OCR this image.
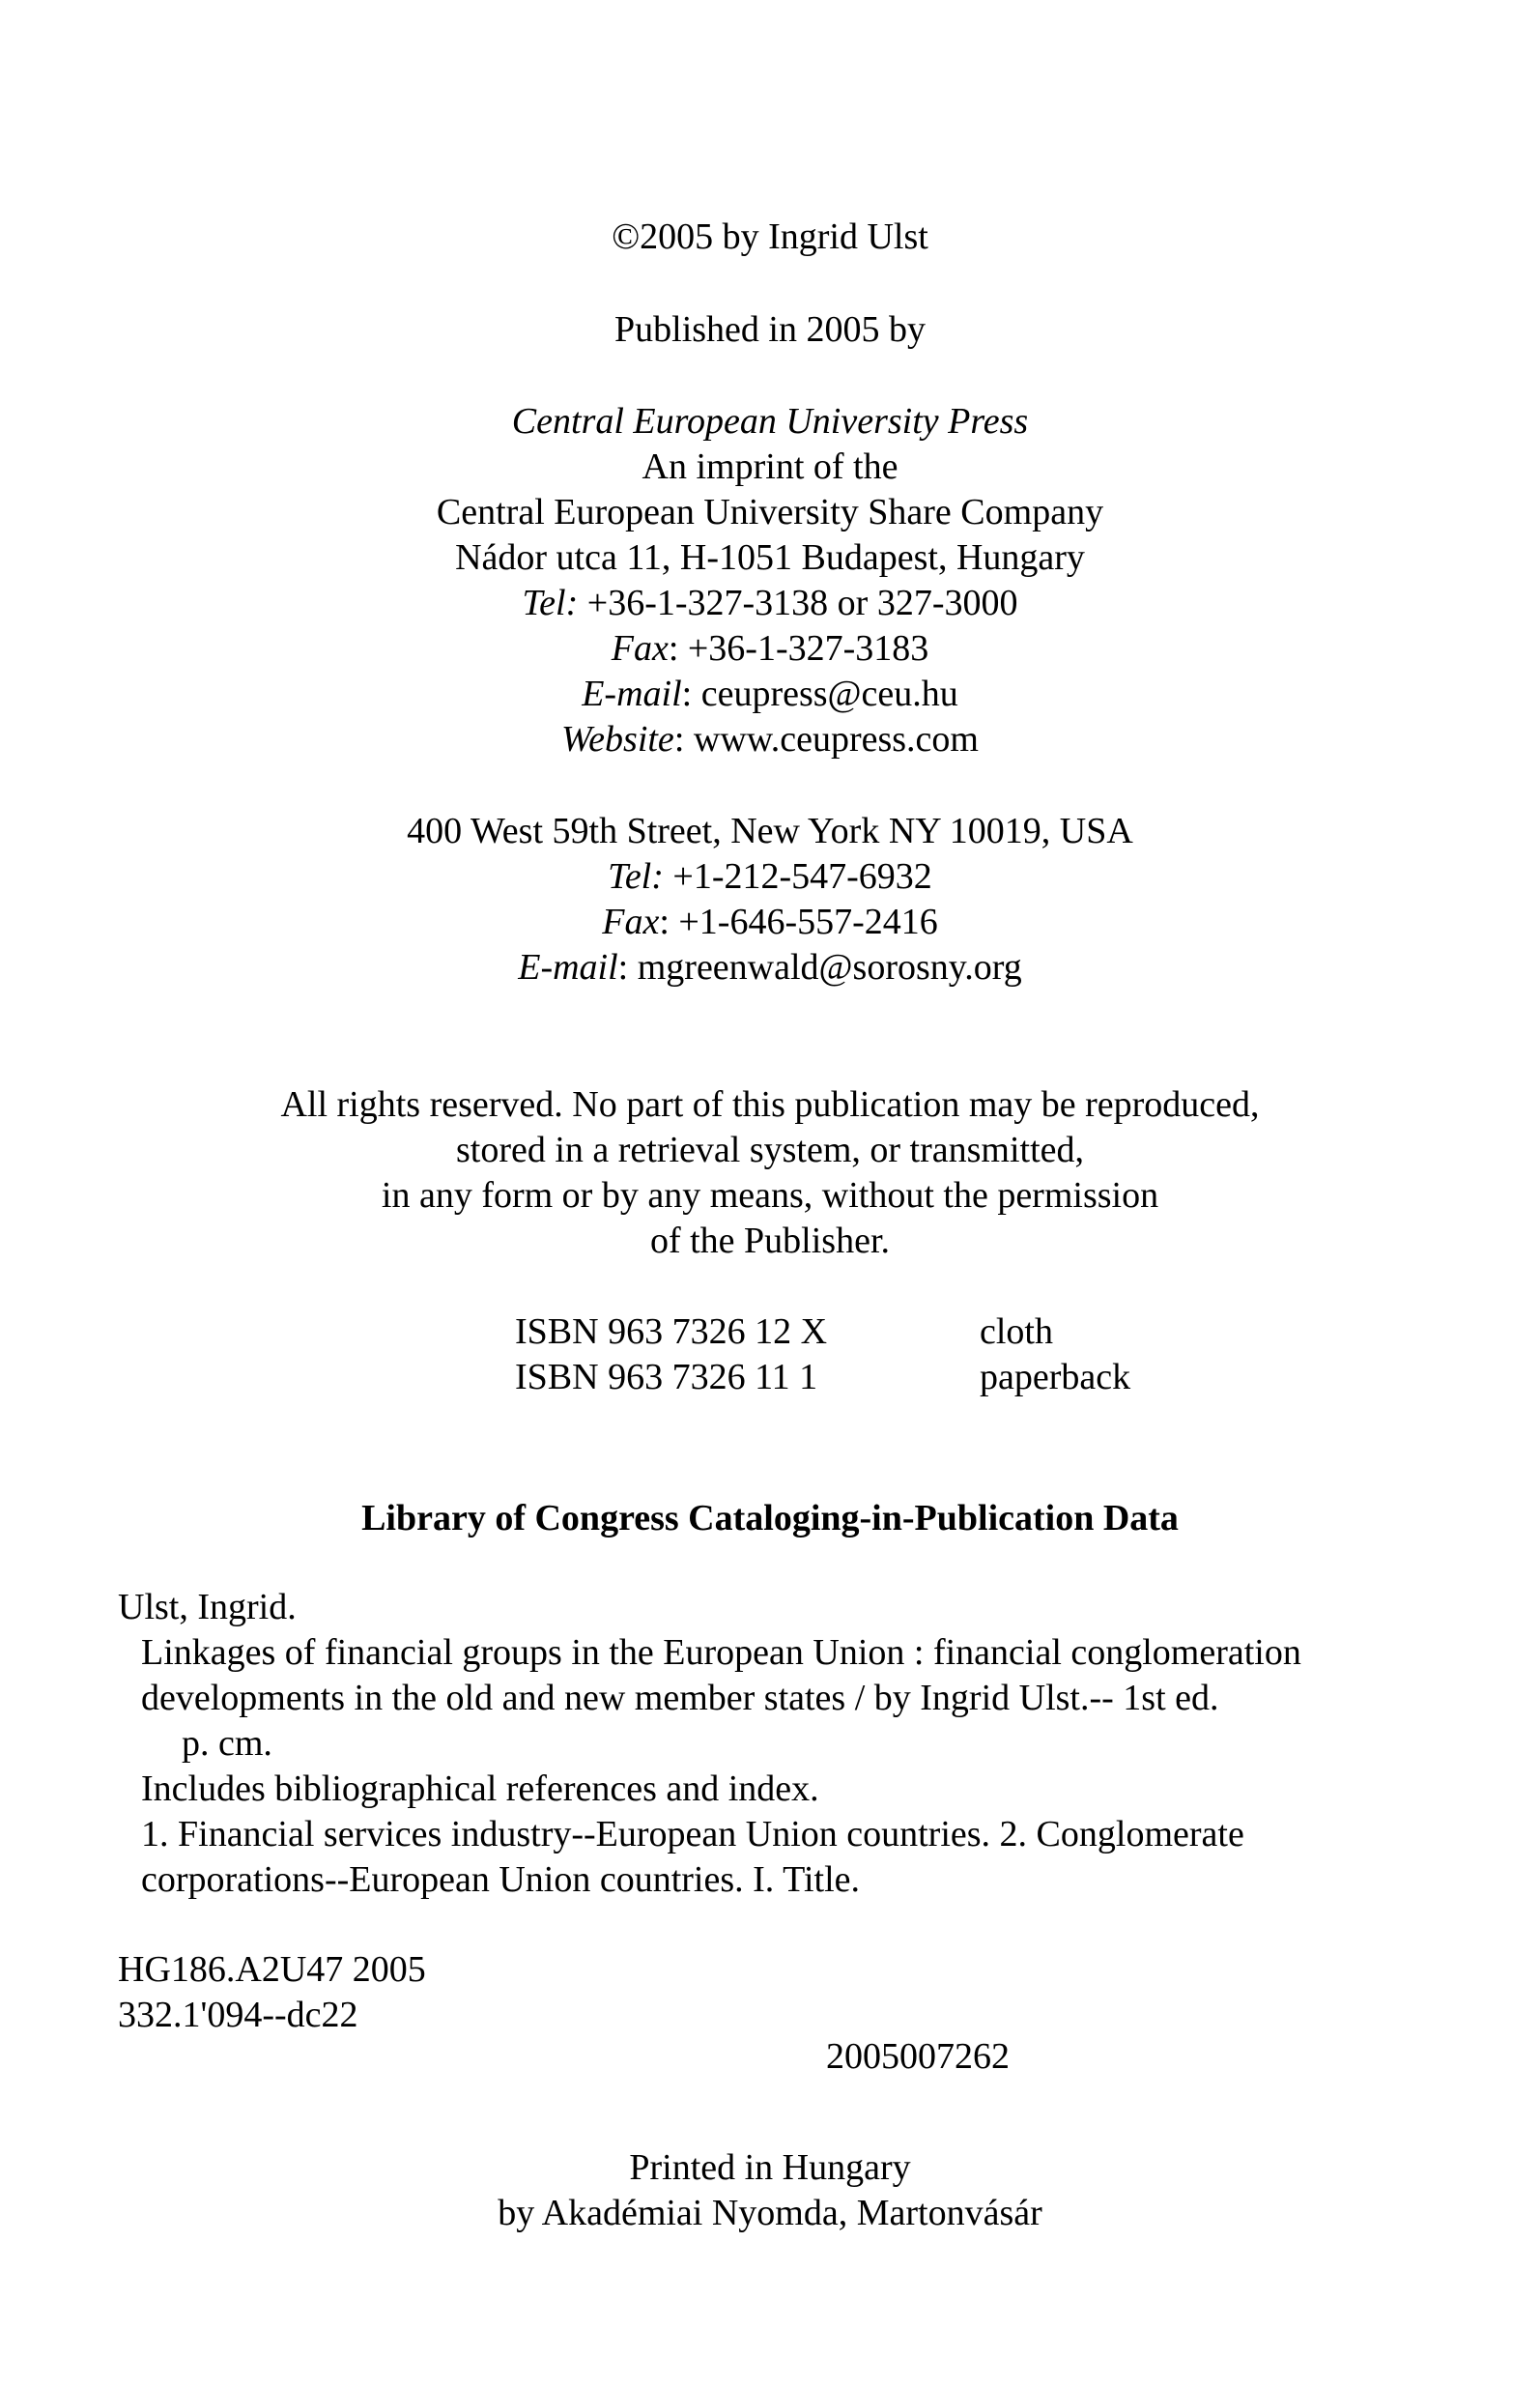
©2005 by Ingrid Ulst
Published in 2005 by
Central European University Press
An imprint of the
Central European University Share Company
Nádor utca 11, H-1051 Budapest, Hungary
Tel: +36-1-327-3138 or 327-3000
Fax: +36-1-327-3183
E-mail: ceupress@ceu.hu
Website: www.ceupress.com
400 West 59th Street, New York NY 10019, USA
Tel: +1-212-547-6932
Fax: +1-646-557-2416
E-mail: mgreenwald@sorosny.org
All rights reserved. No part of this publication may be reproduced,
stored in a retrieval system, or transmitted,
in any form or by any means, without the permission
of the Publisher.
ISBN 963 7326 12 X	cloth
ISBN 963 7326 11 1	paperback
Library of Congress Cataloging-in-Publication Data
Ulst, Ingrid.
Linkages of financial groups in the European Union : financial conglomeration
developments in the old and new member states / by Ingrid Ulst.-- 1st ed.
p. cm.
Includes bibliographical references and index.
1. Financial services industry--European Union countries. 2. Conglomerate
corporations--European Union countries. I. Title.
HG186.A2U47 2005
332.1'094--dc22
2005007262
Printed in Hungary
by Akadémiai Nyomda, Martonvásár
